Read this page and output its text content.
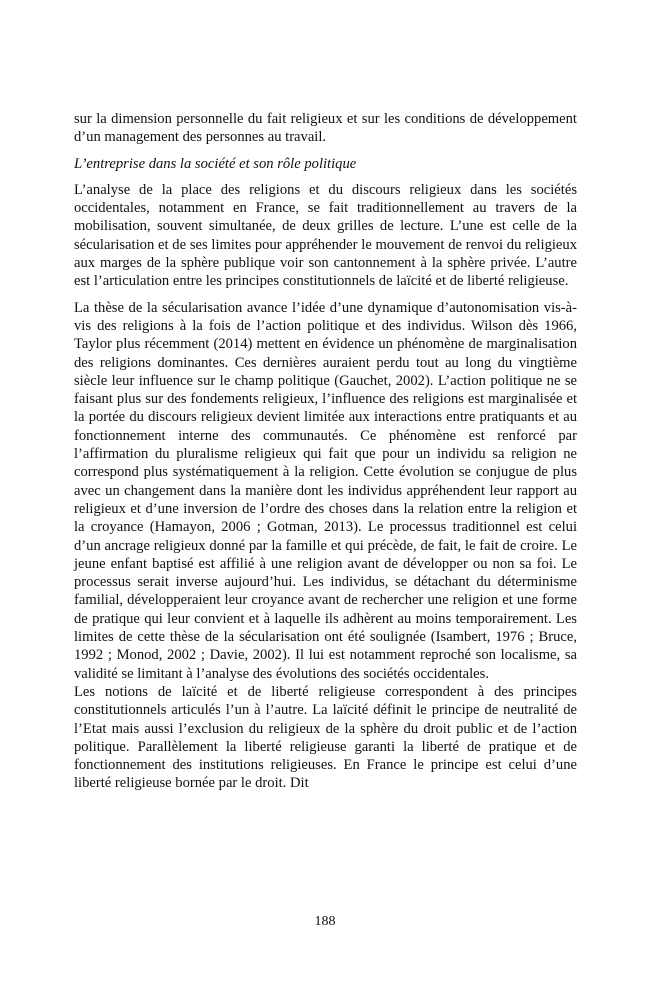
sur la dimension personnelle du fait religieux et sur les conditions de développement d’un management des personnes au travail.

L’entreprise dans la société et son rôle politique

L’analyse de la place des religions et du discours religieux dans les sociétés occidentales, notamment en France, se fait traditionnellement au travers de la mobilisation, souvent simultanée, de deux grilles de lecture. L’une est celle de la sécularisation et de ses limites pour appréhender le mouvement de renvoi du religieux aux marges de la sphère publique voir son cantonnement à la sphère privée. L’autre est l’articulation entre les principes constitutionnels de laïcité et de liberté religieuse.

La thèse de la sécularisation avance l’idée d’une dynamique d’autonomisation vis-à-vis des religions à la fois de l’action politique et des individus. Wilson dès 1966, Taylor plus récemment (2014) mettent en évidence un phénomène de marginalisation des religions dominantes. Ces dernières auraient perdu tout au long du vingtième siècle leur influence sur le champ politique (Gauchet, 2002). L’action politique ne se faisant plus sur des fondements religieux, l’influence des religions est marginalisée et la portée du discours religieux devient limitée aux interactions entre pratiquants et au fonctionnement interne des communautés. Ce phénomène est renforcé par l’affirmation du pluralisme religieux qui fait que pour un individu sa religion ne correspond plus systématiquement à la religion. Cette évolution se conjugue de plus avec un changement dans la manière dont les individus appréhendent leur rapport au religieux et d’une inversion de l’ordre des choses dans la relation entre la religion et la croyance (Hamayon, 2006 ; Gotman, 2013). Le processus traditionnel est celui d’un ancrage religieux donné par la famille et qui précède, de fait, le fait de croire. Le jeune enfant baptisé est affilié à une religion avant de développer ou non sa foi. Le processus serait inverse aujourd’hui. Les individus, se détachant du déterminisme familial, développeraient leur croyance avant de rechercher une religion et une forme de pratique qui leur convient et à laquelle ils adhèrent au moins temporairement. Les limites de cette thèse de la sécularisation ont été soulignée (Isambert, 1976 ; Bruce, 1992 ; Monod, 2002 ; Davie, 2002). Il lui est notamment reproché son localisme, sa validité se limitant à l’analyse des évolutions des sociétés occidentales.

Les notions de laïcité et de liberté religieuse correspondent à des principes constitutionnels articulés l’un à l’autre. La laïcité définit le principe de neutralité de l’Etat mais aussi l’exclusion du religieux de la sphère du droit public et de l’action politique. Parallèlement la liberté religieuse garanti la liberté de pratique et de fonctionnement des institutions religieuses. En France le principe est celui d’une liberté religieuse bornée par le droit. Dit

188
